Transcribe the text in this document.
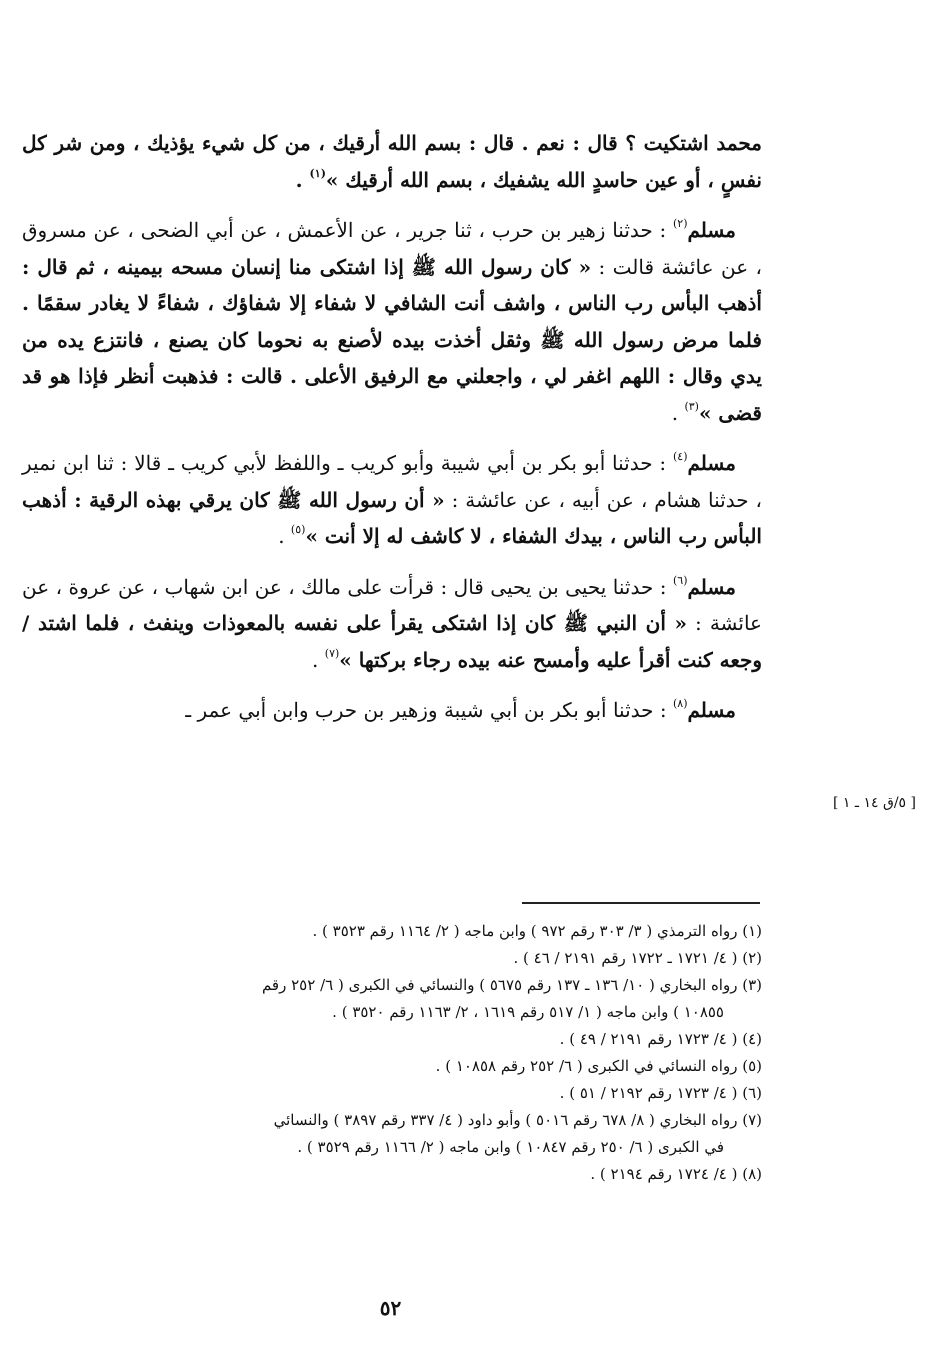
محمد اشتكيت ؟ قال : نعم . قال : بسم الله أرقيك ، من كل شيء يؤذيك ، ومن شر كل نفسٍ ، أو عين حاسدٍ الله يشفيك ، بسم الله أرقيك »$^{(١)}$ .

مسلم$^{(٢)}$ : حدثنا زهير بن حرب ، ثنا جرير ، عن الأعمش ، عن أبي الضحى ، عن مسروق ، عن عائشة قالت : « كان رسول الله ﷺ إذا اشتكى منا إنسان مسحه بيمينه ، ثم قال : أذهب البأس رب الناس ، واشف أنت الشافي لا شفاء إلا شفاؤك ، شفاءً لا يغادر سقمًا . فلما مرض رسول الله ﷺ وثقل أخذت بيده لأصنع به نحوما كان يصنع ، فانتزع يده من يدي وقال : اللهم اغفر لي ، واجعلني مع الرفيق الأعلى . قالت : فذهبت أنظر فإذا هو قد قضى »$^{(٣)}$ .

مسلم$^{(٤)}$ : حدثنا أبو بكر بن أبي شيبة وأبو كريب ـ واللفظ لأبي كريب ـ قالا : ثنا ابن نمير ، حدثنا هشام ، عن أبيه ، عن عائشة : « أن رسول الله ﷺ كان يرقي بهذه الرقية : أذهب البأس رب الناس ، بيدك الشفاء ، لا كاشف له إلا أنت »$^{(٥)}$ .

مسلم$^{(٦)}$ : حدثنا يحيى بن يحيى قال : قرأت على مالك ، عن ابن شهاب ، عن عروة ، عن عائشة : « أن النبي ﷺ كان إذا اشتكى يقرأ على نفسه بالمعوذات وينفث ، فلما اشتد / وجعه كنت أقرأ عليه وأمسح عنه بيده رجاء بركتها »$^{(٧)}$ .

مسلم$^{(٨)}$ : حدثنا أبو بكر بن أبي شيبة وزهير بن حرب وابن أبي عمر ـ

[ ٥/ق ١٤ ـ ١ ]

(١) رواه الترمذي ( ٣/ ٣٠٣ رقم ٩٧٢ ) وابن ماجه ( ٢/ ١١٦٤ رقم ٣٥٢٣ ) .

(٢) ( ٤/ ١٧٢١ ـ ١٧٢٢ رقم ٢١٩١ / ٤٦ ) .

(٣) رواه البخاري ( ١٠/ ١٣٦ ـ ١٣٧ رقم ٥٦٧٥ ) والنسائي في الكبرى ( ٦/ ٢٥٢ رقم

١٠٨٥٥ ) وابن ماجه ( ١/ ٥١٧ رقم ١٦١٩ ، ٢/ ١١٦٣ رقم ٣٥٢٠ ) .

(٤) ( ٤/ ١٧٢٣ رقم ٢١٩١ / ٤٩ ) .

(٥) رواه النسائي في الكبرى ( ٦/ ٢٥٢ رقم ١٠٨٥٨ ) .

(٦) ( ٤/ ١٧٢٣ رقم ٢١٩٢ / ٥١ ) .

(٧) رواه البخاري ( ٨/ ٦٧٨ رقم ٥٠١٦ ) وأبو داود ( ٤/ ٣٣٧ رقم ٣٨٩٧ ) والنسائي

في الكبرى ( ٦/ ٢٥٠ رقم ١٠٨٤٧ ) وابن ماجه ( ٢/ ١١٦٦ رقم ٣٥٢٩ ) .

(٨) ( ٤/ ١٧٢٤ رقم ٢١٩٤ ) .

٥٢
